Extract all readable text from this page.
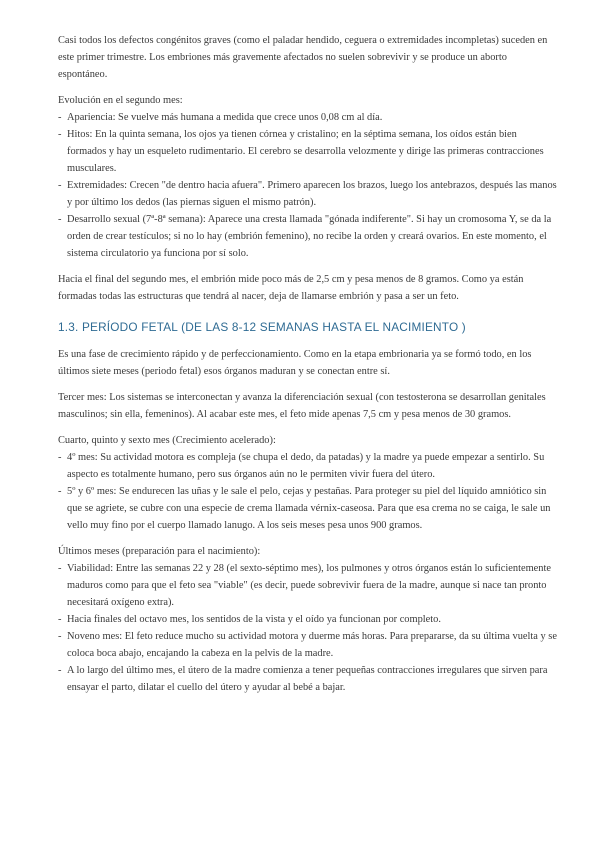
Casi todos los defectos congénitos graves (como el paladar hendido, ceguera o extremidades incompletas) suceden en este primer trimestre. Los embriones más gravemente afectados no suelen sobrevivir y se produce un aborto espontáneo.

Evolución en el segundo mes:

- Apariencia: Se vuelve más humana a medida que crece unos 0,08 cm al día.
- Hitos: En la quinta semana, los ojos ya tienen córnea y cristalino; en la séptima semana, los oídos están bien formados y hay un esqueleto rudimentario. El cerebro se desarrolla velozmente y dirige las primeras contracciones musculares.
- Extremidades: Crecen "de dentro hacia afuera". Primero aparecen los brazos, luego los antebrazos, después las manos y por último los dedos (las piernas siguen el mismo patrón).
- Desarrollo sexual (7ª-8ª semana): Aparece una cresta llamada "gónada indiferente". Si hay un cromosoma Y, se da la orden de crear testículos; si no lo hay (embrión femenino), no recibe la orden y creará ovarios. En este momento, el sistema circulatorio ya funciona por sí solo.

Hacia el final del segundo mes, el embrión mide poco más de 2,5 cm y pesa menos de 8 gramos. Como ya están formadas todas las estructuras que tendrá al nacer, deja de llamarse embrión y pasa a ser un feto.

1.3. PERÍODO FETAL (DE LAS 8-12 SEMANAS HASTA EL NACIMIENTO )

Es una fase de crecimiento rápido y de perfeccionamiento. Como en la etapa embrionaria ya se formó todo, en los últimos siete meses (periodo fetal) esos órganos maduran y se conectan entre sí.

Tercer mes: Los sistemas se interconectan y avanza la diferenciación sexual (con testosterona se desarrollan genitales masculinos; sin ella, femeninos). Al acabar este mes, el feto mide apenas 7,5 cm y pesa menos de 30 gramos.

Cuarto, quinto y sexto mes (Crecimiento acelerado):

- 4º mes: Su actividad motora es compleja (se chupa el dedo, da patadas) y la madre ya puede empezar a sentirlo. Su aspecto es totalmente humano, pero sus órganos aún no le permiten vivir fuera del útero.
- 5º y 6º mes: Se endurecen las uñas y le sale el pelo, cejas y pestañas. Para proteger su piel del líquido amniótico sin que se agriete, se cubre con una especie de crema llamada vérnix-caseosa. Para que esa crema no se caiga, le sale un vello muy fino por el cuerpo llamado lanugo. A los seis meses pesa unos 900 gramos.

Últimos meses (preparación para el nacimiento):

- Viabilidad: Entre las semanas 22 y 28 (el sexto-séptimo mes), los pulmones y otros órganos están lo suficientemente maduros como para que el feto sea "viable" (es decir, puede sobrevivir fuera de la madre, aunque si nace tan pronto necesitará oxígeno extra).
- Hacia finales del octavo mes, los sentidos de la vista y el oído ya funcionan por completo.
- Noveno mes: El feto reduce mucho su actividad motora y duerme más horas. Para prepararse, da su última vuelta y se coloca boca abajo, encajando la cabeza en la pelvis de la madre.
- A lo largo del último mes, el útero de la madre comienza a tener pequeñas contracciones irregulares que sirven para ensayar el parto, dilatar el cuello del útero y ayudar al bebé a bajar.
